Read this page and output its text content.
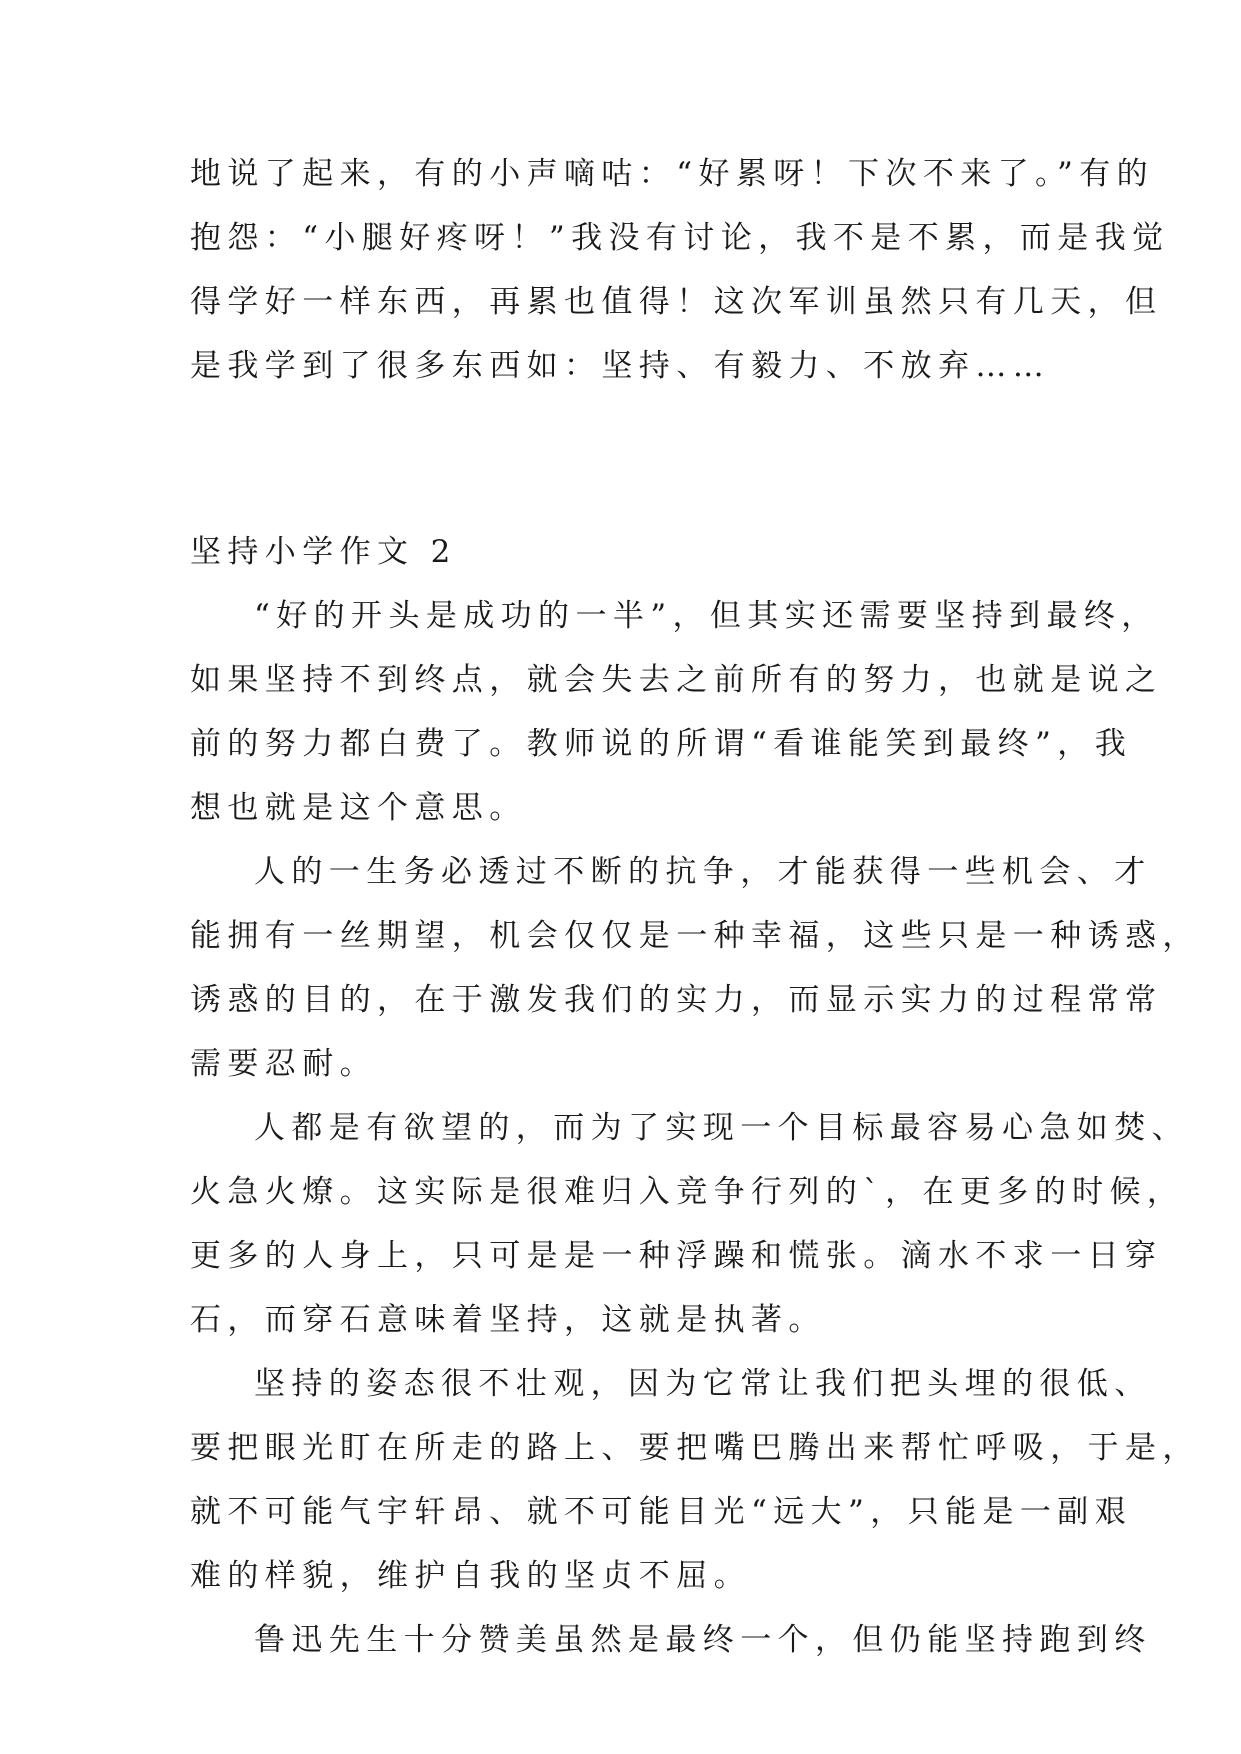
地说了起来，有的小声嘀咕：“好累呀！下次不来了。”有的
抱怨：“小腿好疼呀！”我没有讨论，我不是不累，而是我觉
得学好一样东西，再累也值得！这次军训虽然只有几天，但
是我学到了很多东西如：坚持、有毅力、不放弃……
坚持小学作文 2
“好的开头是成功的一半”，但其实还需要坚持到最终，
如果坚持不到终点，就会失去之前所有的努力，也就是说之
前的努力都白费了。教师说的所谓“看谁能笑到最终”，我
想也就是这个意思。
人的一生务必透过不断的抗争，才能获得一些机会、才
能拥有一丝期望，机会仅仅是一种幸福，这些只是一种诱惑，
诱惑的目的，在于激发我们的实力，而显示实力的过程常常
需要忍耐。
人都是有欲望的，而为了实现一个目标最容易心急如焚、
火急火燎。这实际是很难归入竞争行列的`，在更多的时候，
更多的人身上，只可是是一种浮躁和慌张。滴水不求一日穿
石，而穿石意味着坚持，这就是执著。
坚持的姿态很不壮观，因为它常让我们把头埋的很低、
要把眼光盯在所走的路上、要把嘴巴腾出来帮忙呼吸，于是，
就不可能气宇轩昂、就不可能目光“远大”，只能是一副艰
难的样貌，维护自我的坚贞不屈。
鲁迅先生十分赞美虽然是最终一个，但仍能坚持跑到终
